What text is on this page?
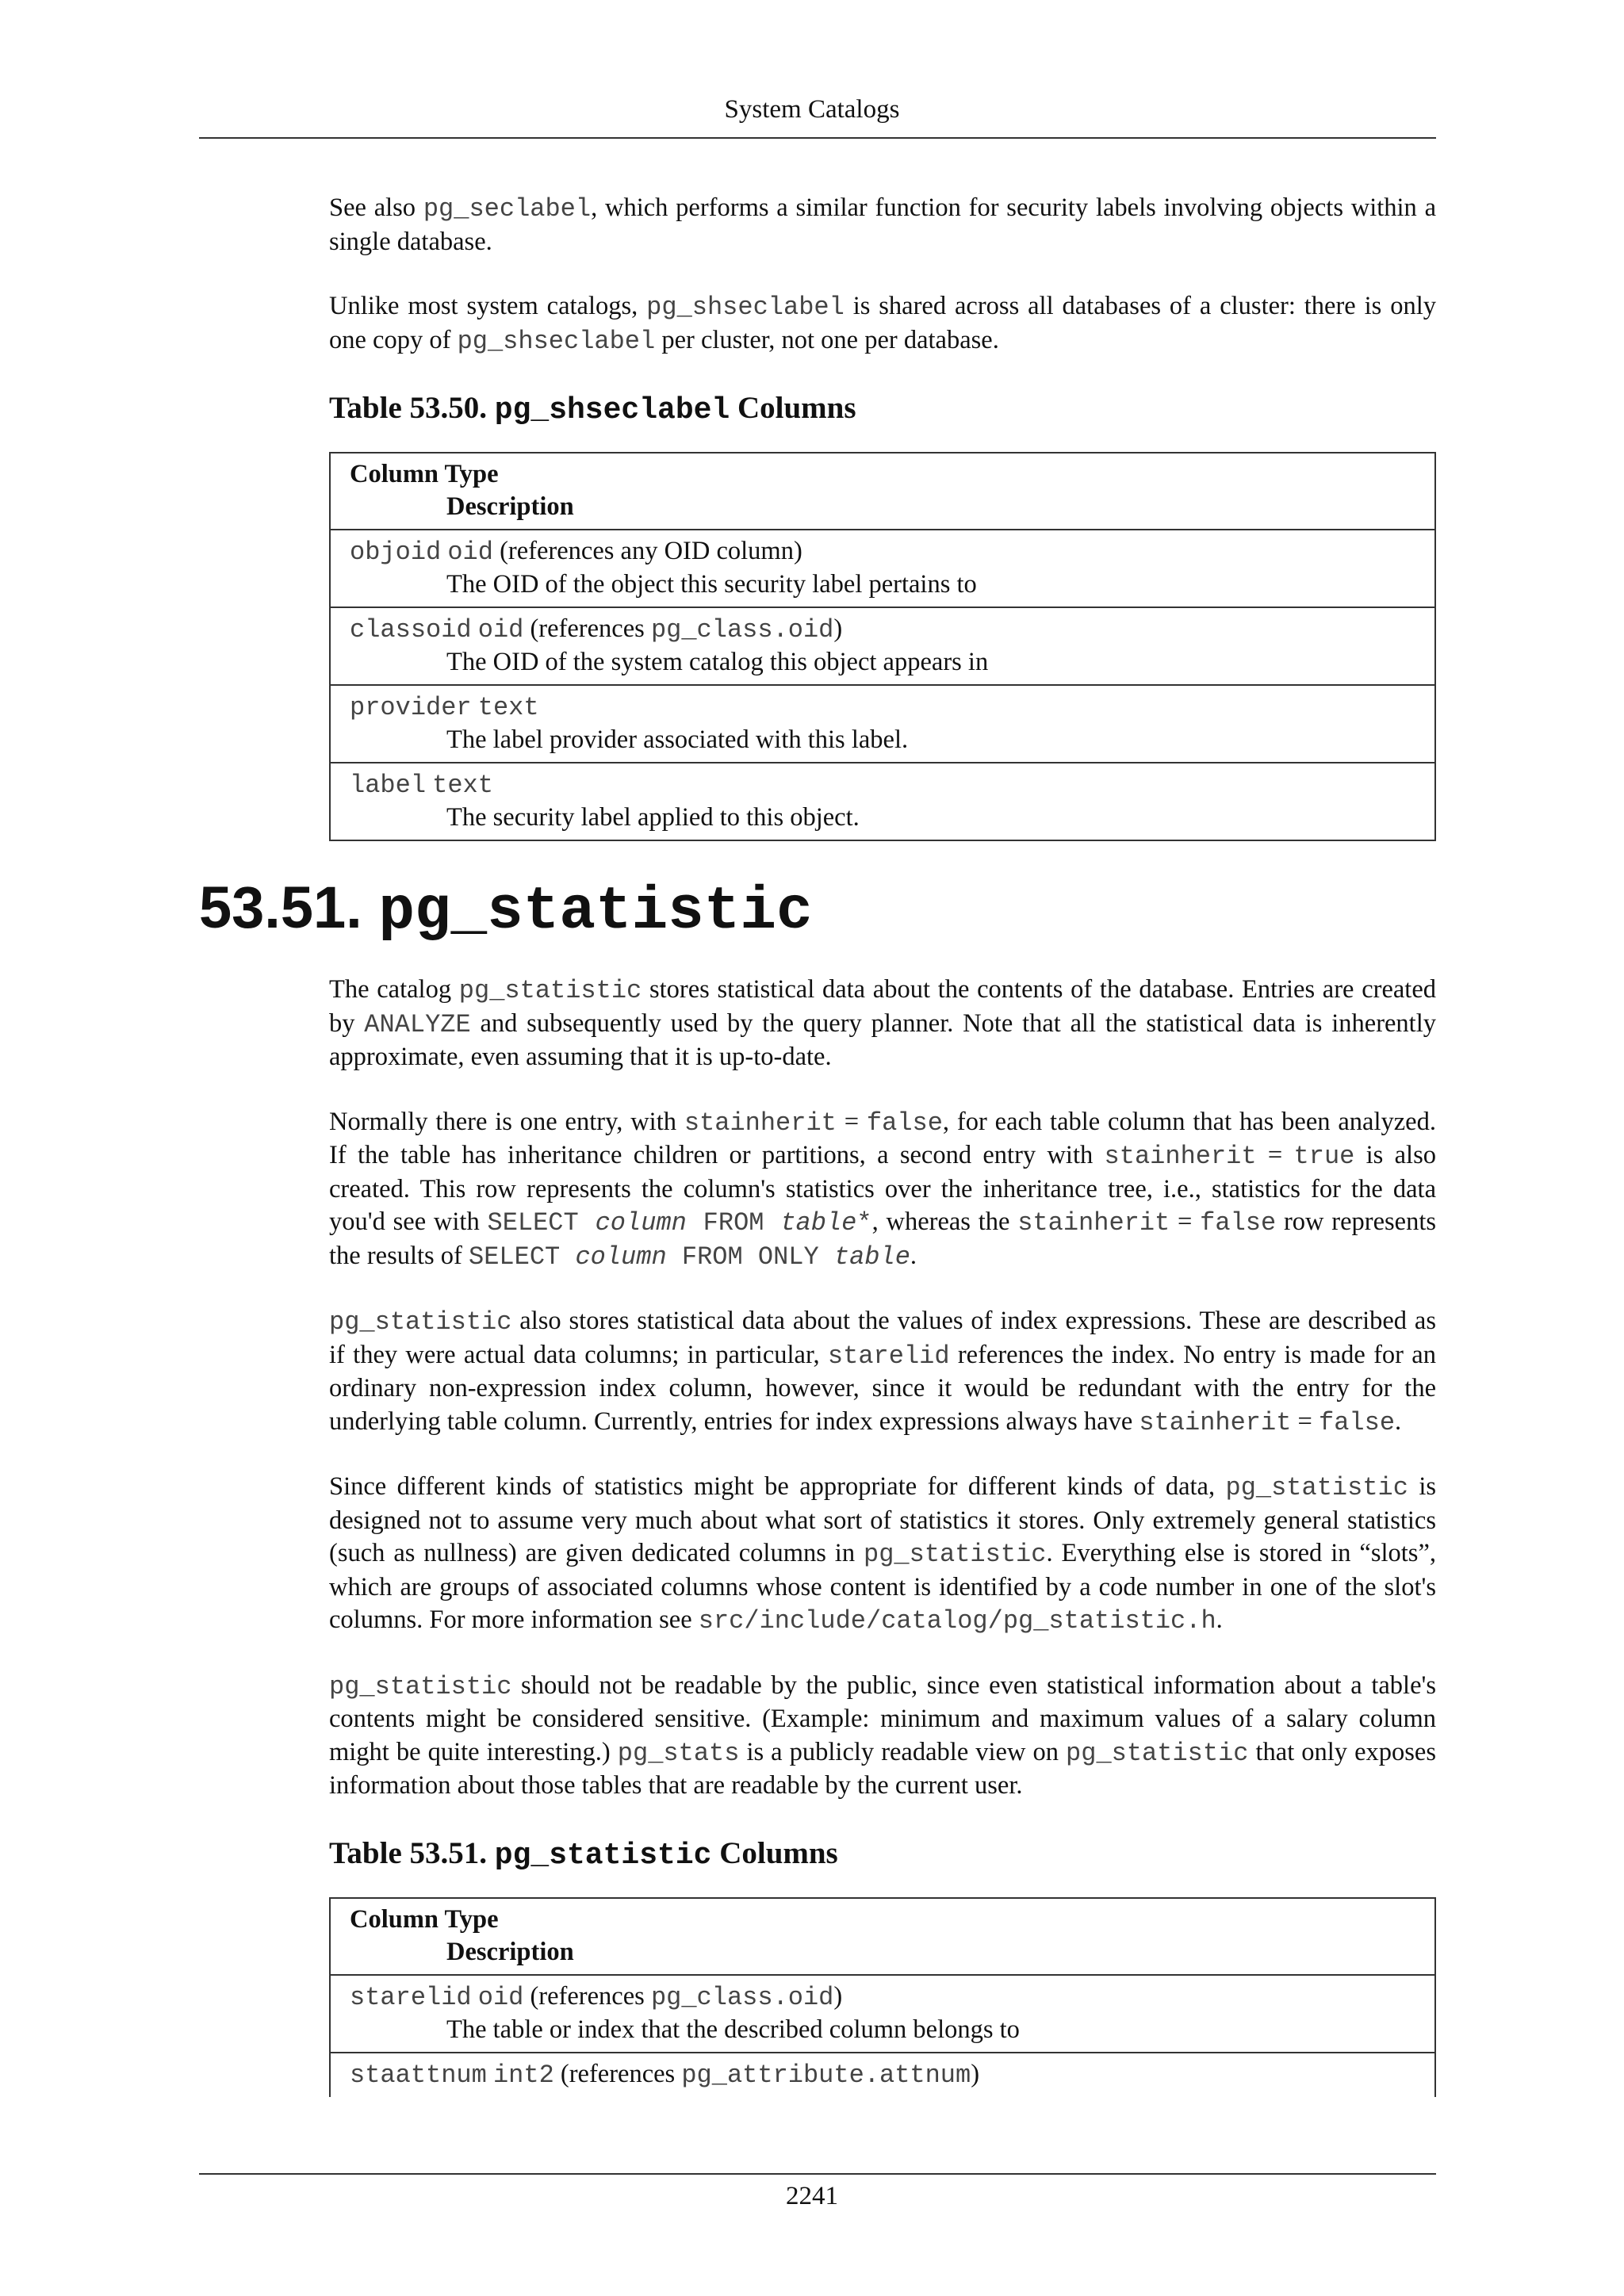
System Catalogs

See also pg_seclabel, which performs a similar function for security labels involving objects within a single database.

Unlike most system catalogs, pg_shseclabel is shared across all databases of a cluster: there is only one copy of pg_shseclabel per cluster, not one per database.

Table 53.50. pg_shseclabel Columns
Column Type

Description

objoid oid (references any OID column)
The OID of the object this security label pertains to

classoid oid (references pg_class.oid)
The OID of the system catalog this object appears in

provider text
The label provider associated with this label.

label text
The security label applied to this object.
53.51. pg_statistic

The catalog pg_statistic stores statistical data about the contents of the database. Entries are created by ANALYZE and subsequently used by the query planner. Note that all the statistical data is inherently approximate, even assuming that it is up-to-date.

Normally there is one entry, with stainherit = false, for each table column that has been analyzed. If the table has inheritance children or partitions, a second entry with stainherit = true is also created. This row represents the column's statistics over the inheritance tree, i.e., statistics for the data you'd see with SELECT column FROM table*, whereas the stainherit = false row represents the results of SELECT column FROM ONLY table.

pg_statistic also stores statistical data about the values of index expressions. These are described as if they were actual data columns; in particular, starelid references the index. No entry is made for an ordinary non-expression index column, however, since it would be redundant with the entry for the underlying table column. Currently, entries for index expressions always have stainherit = false.

Since different kinds of statistics might be appropriate for different kinds of data, pg_statistic is designed not to assume very much about what sort of statistics it stores. Only extremely general statistics (such as nullness) are given dedicated columns in pg_statistic. Everything else is stored in “slots”, which are groups of associated columns whose content is identified by a code number in one of the slot's columns. For more information see src/include/catalog/pg_statistic.h.

pg_statistic should not be readable by the public, since even statistical information about a table's contents might be considered sensitive. (Example: minimum and maximum values of a salary column might be quite interesting.) pg_stats is a publicly readable view on pg_statistic that only exposes information about those tables that are readable by the current user.

Table 53.51. pg_statistic Columns
Column Type

Description

starelid oid (references pg_class.oid)
The table or index that the described column belongs to

staattnum int2 (references pg_attribute.attnum)
2241
